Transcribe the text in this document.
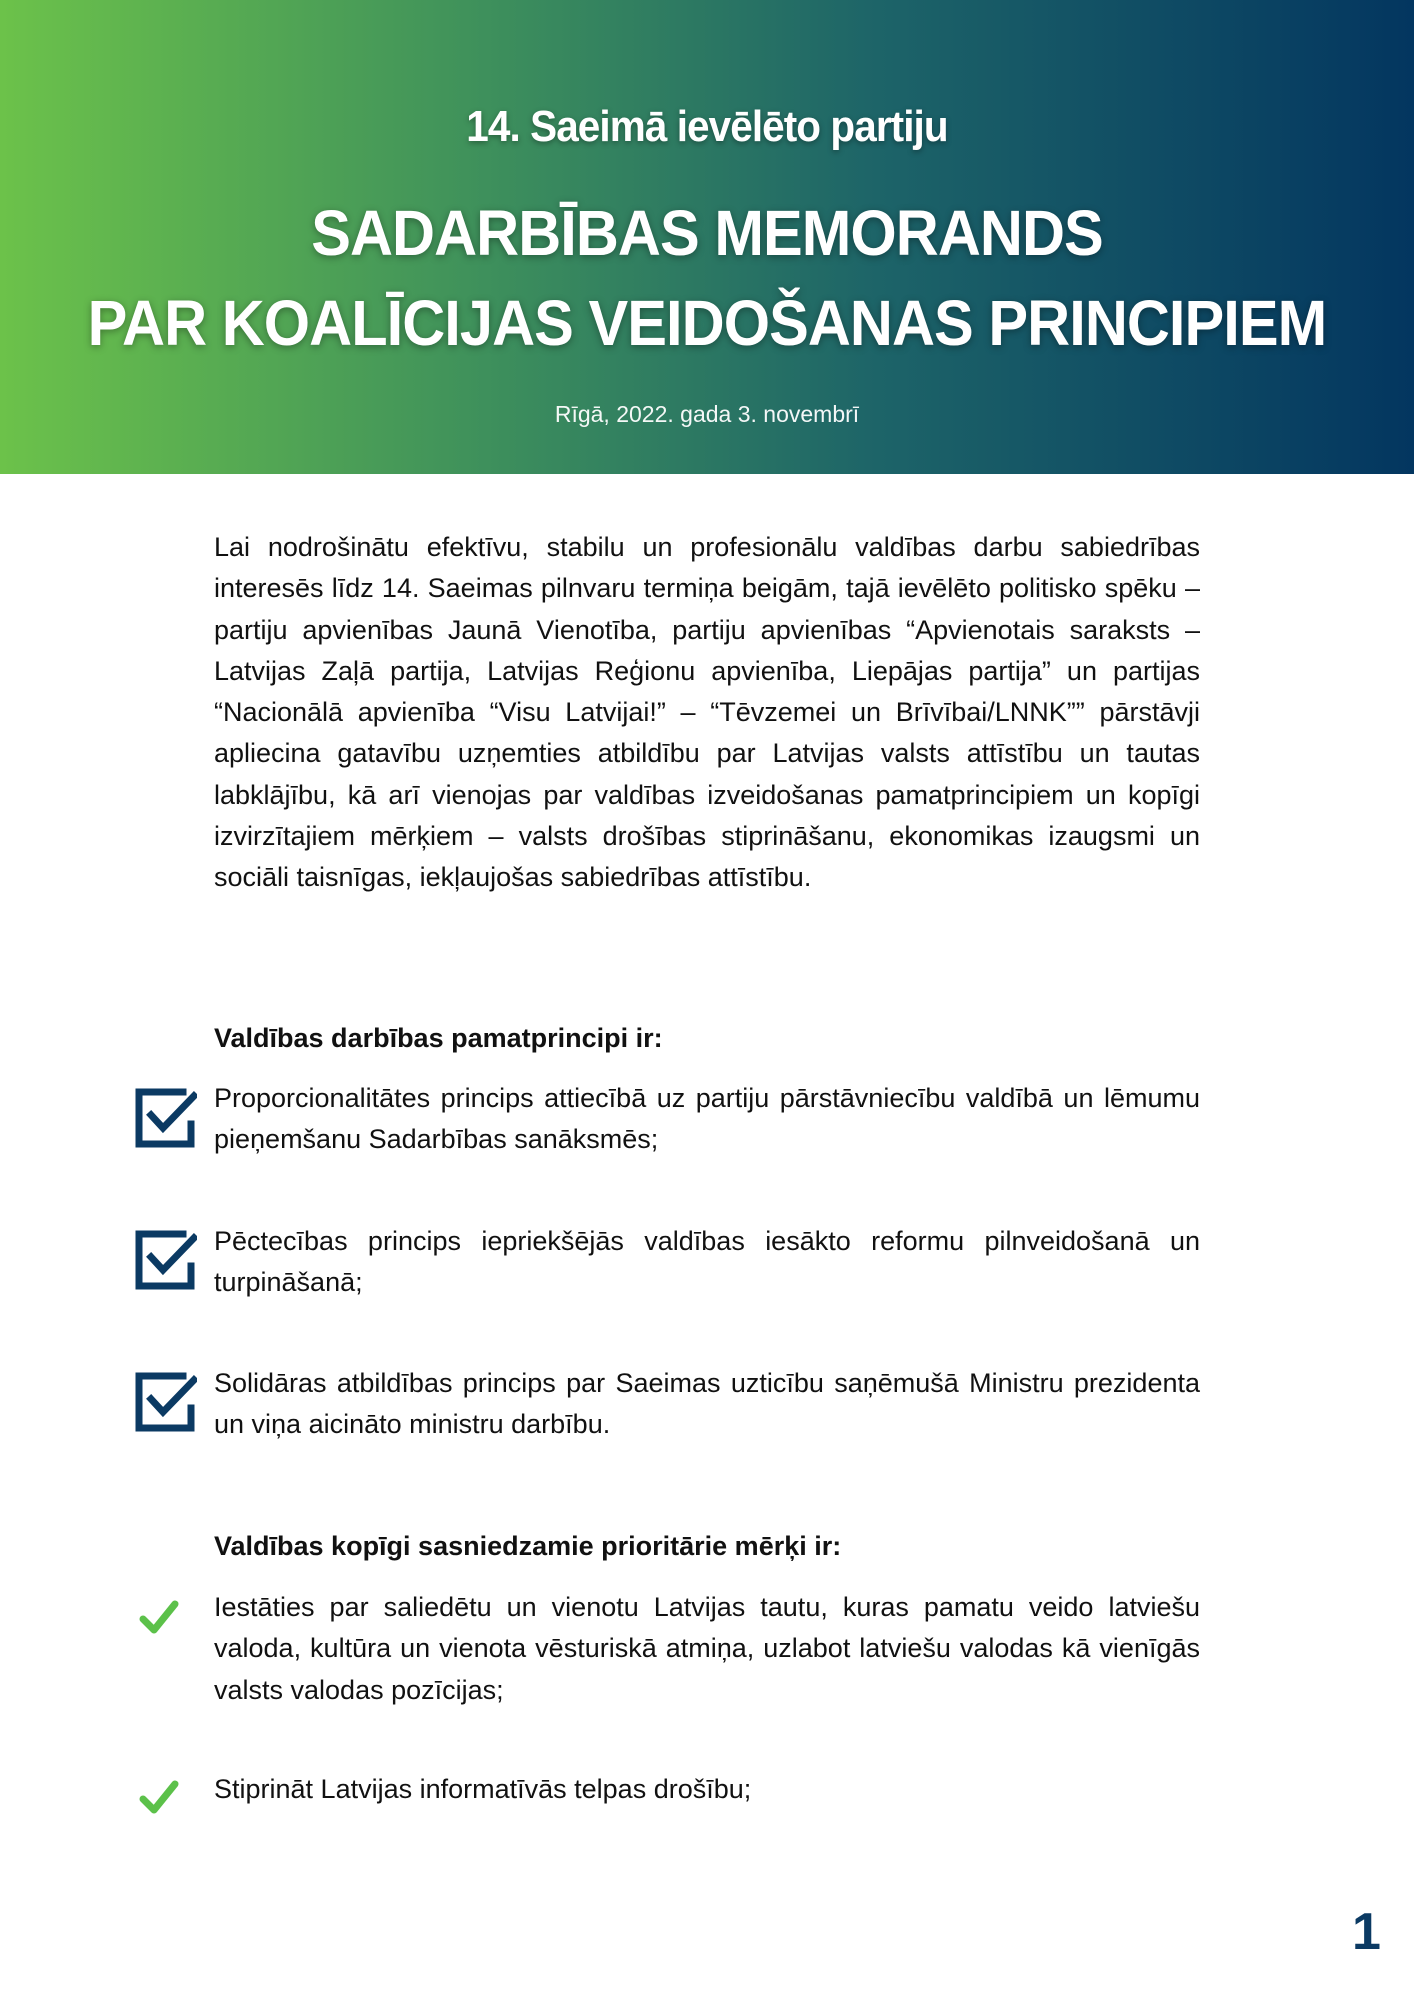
14. Saeimā ievēlēto partiju
SADARBĪBAS MEMORANDS
PAR KOALĪCIJAS VEIDOŠANAS PRINCIPIEM
Rīgā, 2022. gada 3. novembrī

Lai nodrošinātu efektīvu, stabilu un profesionālu valdības darbu sabiedrības interesēs līdz 14. Saeimas pilnvaru termiņa beigām, tajā ievēlēto politisko spēku – partiju apvienības Jaunā Vienotība, partiju apvienības “Apvienotais saraksts – Latvijas Zaļā partija, Latvijas Reģionu apvienība, Liepājas partija” un partijas “Nacionālā apvienība “Visu Latvijai!” – “Tēvzemei un Brīvībai/LNNK”” pārstāvji apliecina gatavību uzņemties atbildību par Latvijas valsts attīstību un tautas labklājību, kā arī vienojas par valdības izveidošanas pamatprincipiem un kopīgi izvirzītajiem mērķiem – valsts drošības stiprināšanu, ekonomikas izaugsmi un sociāli taisnīgas, iekļaujošas sabiedrības attīstību.

Valdības darbības pamatprincipi ir:

Proporcionalitātes princips attiecībā uz partiju pārstāvniecību valdībā un lēmumu pieņemšanu Sadarbības sanāksmēs;

Pēctecības princips iepriekšējās valdības iesākto reformu pilnveidošanā un turpināšanā;

Solidāras atbildības princips par Saeimas uzticību saņēmušā Ministru prezidenta un viņa aicināto ministru darbību.

Valdības kopīgi sasniedzamie prioritārie mērķi ir:

Iestāties par saliedētu un vienotu Latvijas tautu, kuras pamatu veido latviešu valoda, kultūra un vienota vēsturiskā atmiņa, uzlabot latviešu valodas kā vienīgās valsts valodas pozīcijas;

Stiprināt Latvijas informatīvās telpas drošību;

1
